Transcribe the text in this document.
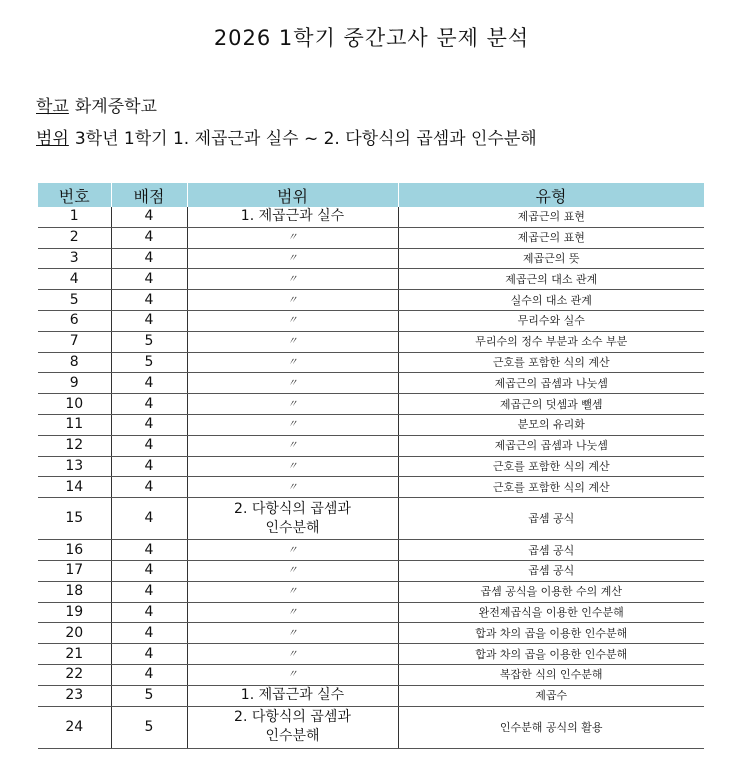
2026 1학기 중간고사 문제 분석
학교 화계중학교
범위 3학년 1학기 1. 제곱근과 실수 ~ 2. 다항식의 곱셈과 인수분해
번호	배점	범위	유형
1	4	1. 제곱근과 실수	제곱근의 표현
2	4	〃	제곱근의 표현
3	4	〃	제곱근의 뜻
4	4	〃	제곱근의 대소 관계
5	4	〃	실수의 대소 관계
6	4	〃	무리수와 실수
7	5	〃	무리수의 정수 부분과 소수 부분
8	5	〃	근호를 포함한 식의 계산
9	4	〃	제곱근의 곱셈과 나눗셈
10	4	〃	제곱근의 덧셈과 뺄셈
11	4	〃	분모의 유리화
12	4	〃	제곱근의 곱셈과 나눗셈
13	4	〃	근호를 포함한 식의 계산
14	4	〃	근호를 포함한 식의 계산
15	4	2. 다항식의 곱셈과
인수분해	곱셈 공식
16	4	〃	곱셈 공식
17	4	〃	곱셈 공식
18	4	〃	곱셈 공식을 이용한 수의 계산
19	4	〃	완전제곱식을 이용한 인수분해
20	4	〃	합과 차의 곱을 이용한 인수분해
21	4	〃	합과 차의 곱을 이용한 인수분해
22	4	〃	복잡한 식의 인수분해
23	5	1. 제곱근과 실수	제곱수
24	5	2. 다항식의 곱셈과
인수분해	인수분해 공식의 활용
